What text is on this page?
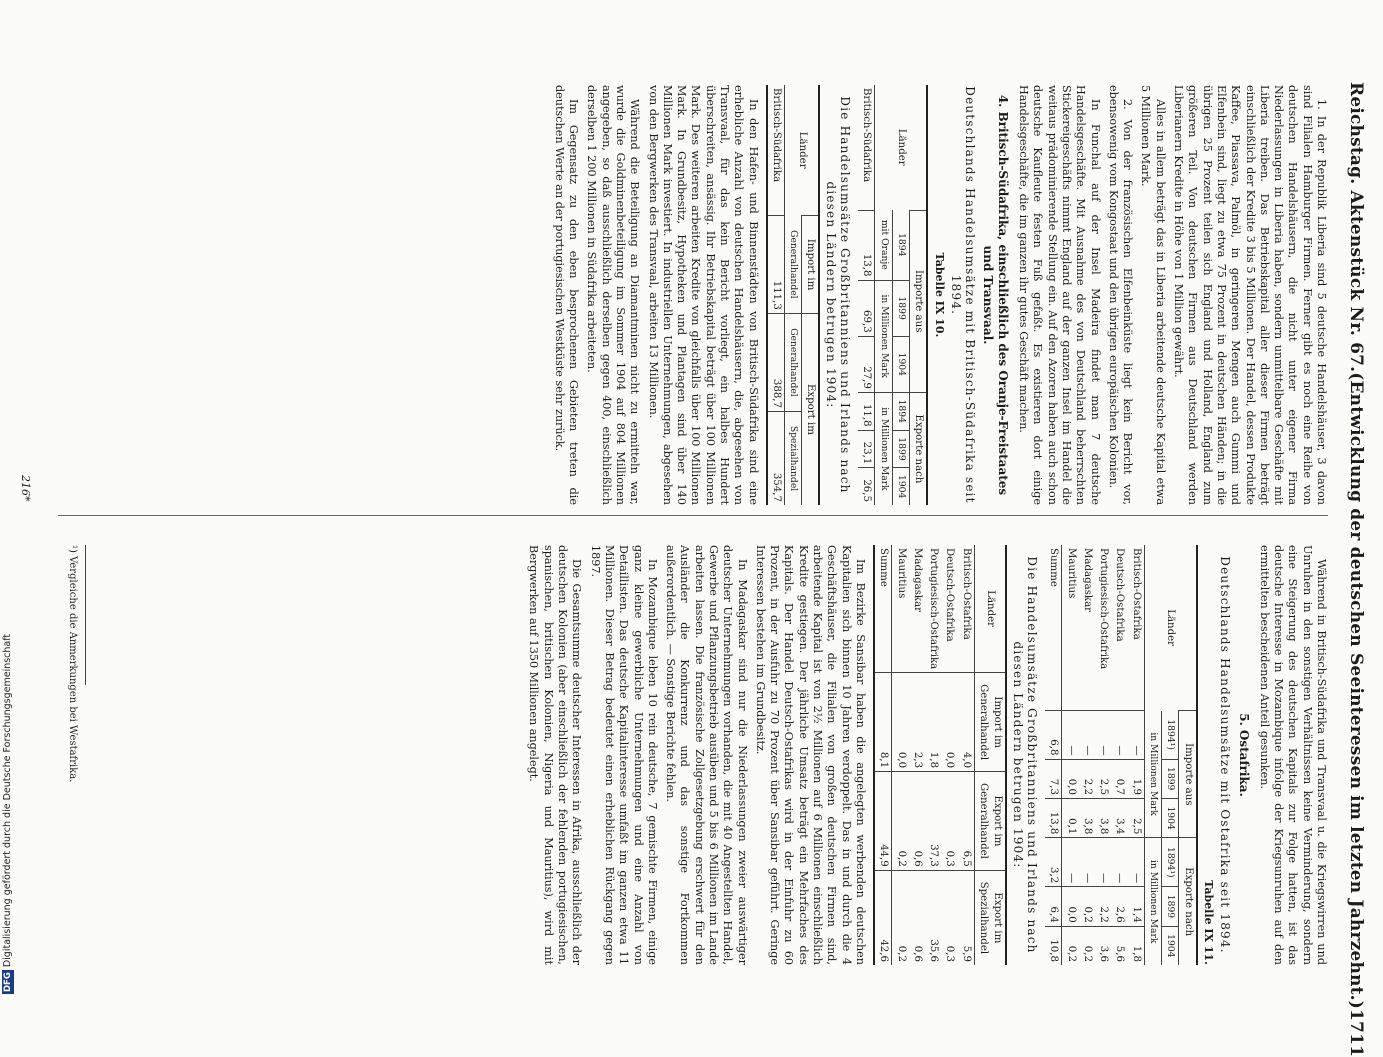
Reichstag. Aktenstück Nr. 67.
(Entwicklung der deutschen Seeinteressen im letzten Jahrzehnt.)
1711

1. In der Republik Liberia sind 5 deutsche Handelshäuser, 3 davon sind Filialen Hamburger Firmen. Ferner gibt es noch eine Reihe von deutschen Handelshäusern, die nicht unter eigener Firma Niederlassungen in Liberia haben, sondern unmittelbare Geschäfte mit Liberia treiben. Das Betriebskapital aller dieser Firmen beträgt einschließlich der Kredite 3 bis 5 Millionen. Der Handel, dessen Produkte Kaffee, Piassava, Palmöl, in geringeren Mengen auch Gummi und Elfenbein sind, liegt zu etwa 75 Prozent in deutschen Händen; in die übrigen 25 Prozent teilen sich England und Holland, England zum größeren Teil. Von deutschen Firmen aus Deutschland werden Liberianern Kredite in Höhe von 1 Million gewährt.

Alles in allem beträgt das in Liberia arbeitende deutsche Kapital etwa 5 Millionen Mark.

2. Von der französischen Elfenbeinküste liegt kein Bericht vor, ebensowenig vom Kongostaat und den übrigen europäischen Kolonien.

In Funchal auf der Insel Madeira findet man 7 deutsche Handelsgeschäfte. Mit Ausnahme des von Deutschland beherrschten Stickereigeschäfts nimmt England auf der ganzen Insel im Handel die weitaus prädominierende Stellung ein. Auf den Azoren haben auch schon deutsche Kaufleute festen Fuß gefaßt. Es existieren dort einige Handelsgeschäfte, die im ganzen ihr gutes Geschäft machen.

4. Britisch-Südafrika, einschließlich des Oranje-Freistaates und Transvaal.
Deutschlands Handelsumsätze mit Britisch-Südafrika seit 1894.
Tabelle IX 10.
Länder	Importe aus			Exporte nach		
	1894	1899	1904	1894	1899	1904
	mit Oranje	in Millionen Mark		in Millionen Mark		
Britisch-Südafrika	13,8	69,3	27,9	11,8	23,1	26,5
Die Handelsumsätze Großbritanniens und Irlands nach diesen Ländern betrugen 1904:
Länder	Import im	Export im	
	Generalhandel	Generalhandel	Spezialhandel
Britisch-Südafrika	111,3	388,7	354,7

In den Hafen- und Binnenstädten von Britisch-Südafrika sind eine erhebliche Anzahl von deutschen Handelshäusern, die, abgesehen von Transvaal, für das kein Bericht vorliegt, ein halbes Hundert überschreiten, ansässig. Ihr Betriebskapital beträgt über 100 Millionen Mark. Des weiteren arbeiten Kredite von gleichfalls über 100 Millionen Mark. In Grundbesitz, Hypotheken und Plantagen sind über 140 Millionen Mark investiert. In industriellen Unternehmungen, abgesehen von den Bergwerken des Transvaal, arbeiten 13 Millionen.

Während die Beteiligung an Diamantminen nicht zu ermitteln war, wurde die Goldminenbeteiligung im Sommer 1904 auf 804 Millionen angegeben, so daß ausschließlich derselben gegen 400, einschließlich derselben 1 200 Millionen in Südafrika arbeiteten.

Im Gegensatz zu den eben besprochenen Gebieten treten die deutschen Werte an der portugiesischen Westküste sehr zurück.

Während in Britisch-Südafrika und Transvaal u. die Kriegswirren und Unruhen in den sonstigen Verhältnissen keine Verminderung, sondern eine Steigerung des deutschen Kapitals zur Folge hatten, ist das deutsche Interesse in Mozambique infolge der Kriegsunruhen auf den ermittelten bescheidenen Anteil gesunken.

5. Ostafrika.
Deutschlands Handelsumsätze mit Ostafrika seit 1894.
Tabelle IX 11.
Länder	Importe aus			Exporte nach		
	1894¹)	1899	1904	1894¹)	1899	1904
	in Millionen Mark			in Millionen Mark		
Britisch-Ostafrika	—	1,9	2,5	—	1,4	1,8
Deutsch-Ostafrika	—	0,7	3,4	—	2,6	5,6
Portugiesisch-Ostafrika	—	2,5	3,8	—	2,2	3,6
Madagaskar	—	2,2	3,8	—	0,2	0,2
Mauritius	—	0,0	0,1	—	0,0	0,2
Summe	6,8	7,3	13,8	3,2	6,4	10,8
Die Handelsumsätze Großbritanniens und Irlands nach diesen Ländern betrugen 1904:
Länder	Import im Generalhandel	Export im Generalhandel	Export im Spezialhandel
Britisch-Ostafrika	4,0	6,5	5,9
Deutsch-Ostafrika	0,0	0,3	0,3
Portugiesisch-Ostafrika	1,8	37,3	35,6
Madagaskar	2,3	0,6	0,6
Mauritius	0,0	0,2	0,2
Summe	8,1	44,9	42,6

Im Bezirke Sansibar haben die angelegten werbenden deutschen Kapitalien sich binnen 10 Jahren verdoppelt. Das in und durch die 4 Geschäftshäuser, die Filialen von großen deutschen Firmen sind, arbeitende Kapital ist von 2½ Millionen auf 6 Millionen einschließlich Kredite gestiegen. Der jährliche Umsatz beträgt ein Mehrfaches des Kapitals. Der Handel Deutsch-Ostafrikas wird in der Einfuhr zu 60 Prozent, in der Ausfuhr zu 70 Prozent über Sansibar geführt. Geringe Interessen bestehen im Grundbesitz.

In Madagaskar sind nur die Niederlassungen zweier auswärtiger deutscher Unternehmungen vorhanden, die mit 40 Angestellten Handel, Gewerbe und Pflanzungsbetrieb ausüben und 5 bis 6 Millionen im Lande arbeiten lassen. Die französische Zollgesetzgebung erschwert für den Ausländer die Konkurrenz und das sonstige Fortkommen außerordentlich. — Sonstige Berichte fehlen.

In Mozambique leben 10 rein deutsche, 7 gemischte Firmen, einige ganz kleine gewerbliche Unternehmungen und eine Anzahl von Detaillisten. Das deutsche Kapitalinteresse umfaßt im ganzen etwa 11 Millionen. Dieser Betrag bedeutet einen erheblichen Rückgang gegen 1897.

Die Gesamtsumme deutscher Interessen in Afrika, ausschließlich der deutschen Kolonien (aber einschließlich der fehlenden portugiesischen, spanischen, britischen Kolonien, Nigeria und Mauritius), wird mit Bergwerken auf 1350 Millionen angelegt.

¹) Vergleiche die Anmerkungen bei Westafrika.
216*
DFG
Digitalisierung gefördert durch die Deutsche Forschungsgemeinschaft
